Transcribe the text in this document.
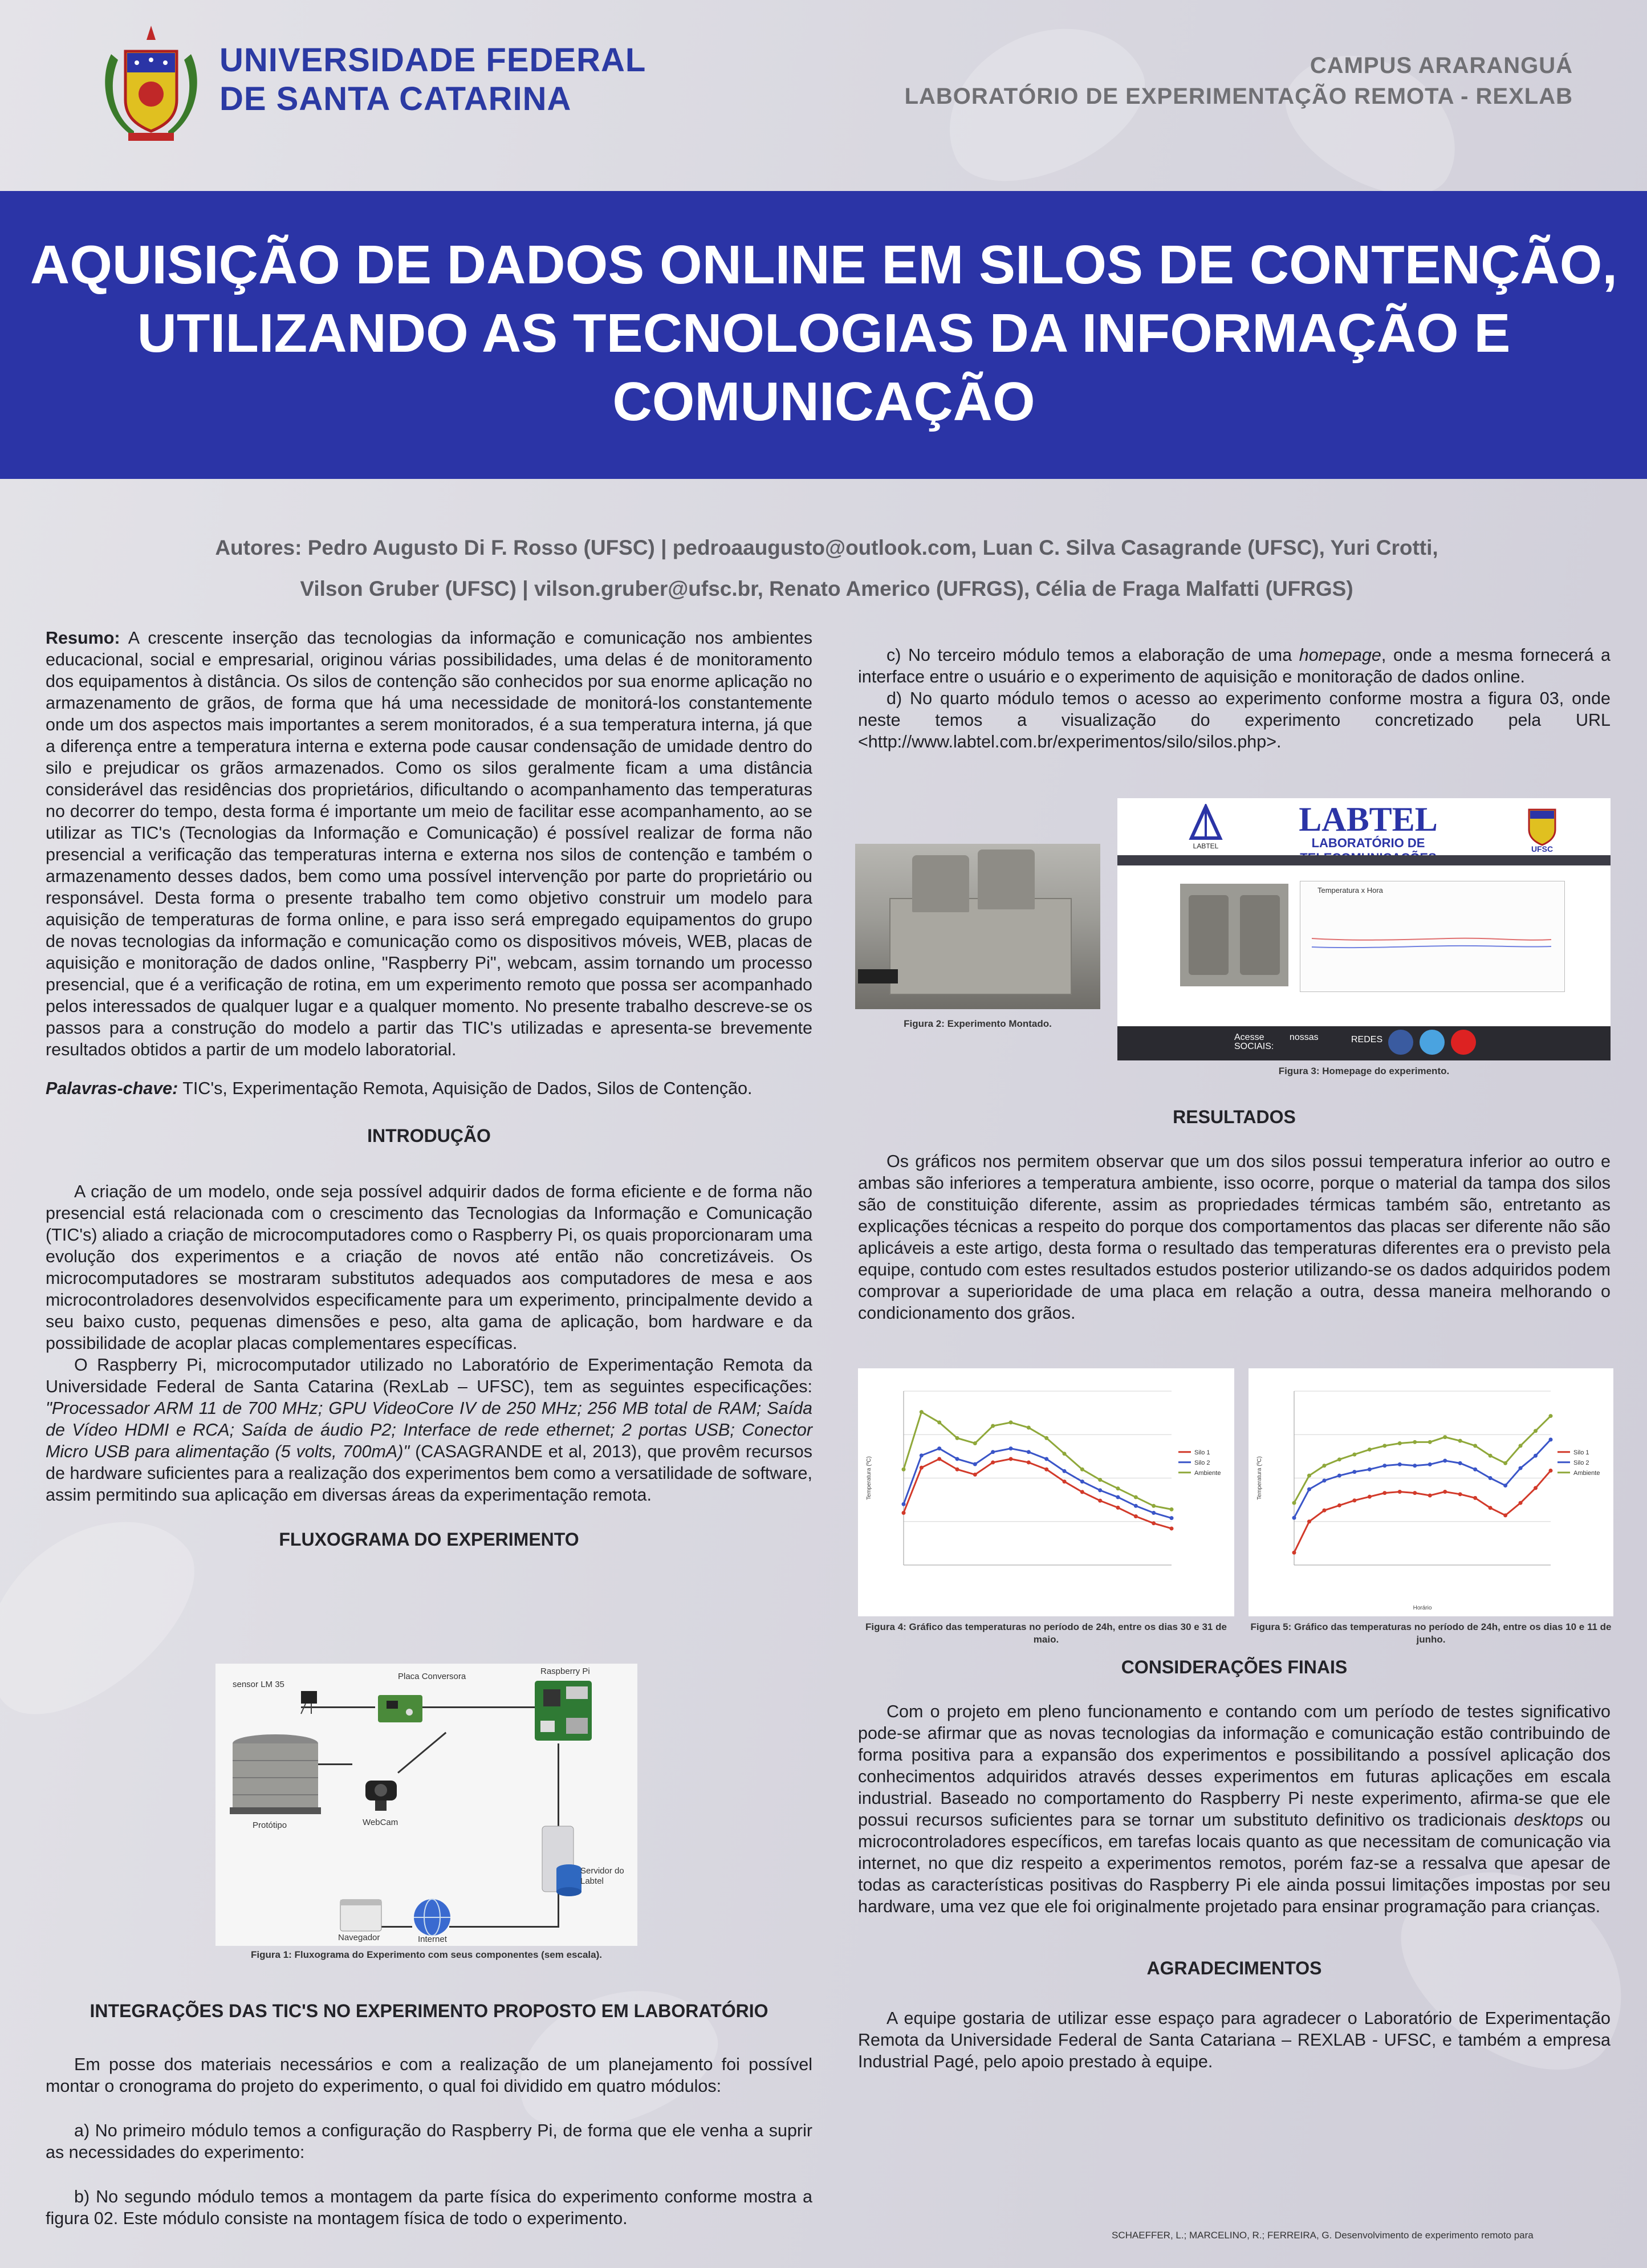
UNIVERSIDADE FEDERAL
DE SANTA CATARINA
CAMPUS ARARANGUÁ
LABORATÓRIO DE EXPERIMENTAÇÃO REMOTA - REXLAB
AQUISIÇÃO DE DADOS ONLINE EM SILOS DE CONTENÇÃO,
UTILIZANDO AS TECNOLOGIAS DA INFORMAÇÃO E
COMUNICAÇÃO
Autores: Pedro Augusto Di F. Rosso (UFSC) | pedroaaugusto@outlook.com, Luan C. Silva Casagrande (UFSC), Yuri Crotti,
Vilson Gruber (UFSC) | vilson.gruber@ufsc.br, Renato Americo (UFRGS), Célia de Fraga Malfatti (UFRGS)

Resumo: A crescente inserção das tecnologias da informação e comunicação nos ambientes educacional, social e empresarial, originou várias possibilidades, uma delas é de monitoramento dos equipamentos à distância. Os silos de contenção são conhecidos por sua enorme aplicação no armazenamento de grãos, de forma que há uma necessidade de monitorá-los constantemente onde um dos aspectos mais importantes a serem monitorados, é a sua temperatura interna, já que a diferença entre a temperatura interna e externa pode causar condensação de umidade dentro do silo e prejudicar os grãos armazenados. Como os silos geralmente ficam a uma distância considerável das residências dos proprietários, dificultando o acompanhamento das temperaturas no decorrer do tempo, desta forma é importante um meio de facilitar esse acompanhamento, ao se utilizar as TIC's (Tecnologias da Informação e Comunicação) é possível realizar de forma não presencial a verificação das temperaturas interna e externa nos silos de contenção e também o armazenamento desses dados, bem como uma possível intervenção por parte do proprietário ou responsável. Desta forma o presente trabalho tem como objetivo construir um modelo para aquisição de temperaturas de forma online, e para isso será empregado equipamentos do grupo de novas tecnologias da informação e comunicação como os dispositivos móveis, WEB, placas de aquisição e monitoração de dados online, "Raspberry Pi", webcam, assim tornando um processo presencial, que é a verificação de rotina, em um experimento remoto que possa ser acompanhado pelos interessados de qualquer lugar e a qualquer momento. No presente trabalho descreve-se os passos para a construção do modelo a partir das TIC's utilizadas e apresenta-se brevemente resultados obtidos a partir de um modelo laboratorial.

Palavras-chave: TIC's, Experimentação Remota, Aquisição de Dados, Silos de Contenção.

INTRODUÇÃO

A criação de um modelo, onde seja possível adquirir dados de forma eficiente e de forma não presencial está relacionada com o crescimento das Tecnologias da Informação e Comunicação (TIC's) aliado a criação de microcomputadores como o Raspberry Pi, os quais proporcionaram uma evolução dos experimentos e a criação de novos até então não concretizáveis. Os microcomputadores se mostraram substitutos adequados aos computadores de mesa e aos microcontroladores desenvolvidos especificamente para um experimento, principalmente devido a seu baixo custo, pequenas dimensões e peso, alta gama de aplicação, bom hardware e da possibilidade de acoplar placas complementares específicas.

O Raspberry Pi, microcomputador utilizado no Laboratório de Experimentação Remota da Universidade Federal de Santa Catarina (RexLab – UFSC), tem as seguintes especificações: "Processador ARM 11 de 700 MHz; GPU VideoCore IV de 250 MHz; 256 MB total de RAM; Saída de Vídeo HDMI e RCA; Saída de áudio P2; Interface de rede ethernet; 2 portas USB; Conector Micro USB para alimentação (5 volts, 700mA)" (CASAGRANDE et al, 2013), que provêm recursos de hardware suficientes para a realização dos experimentos bem como a versatilidade de software, assim permitindo sua aplicação em diversas áreas da experimentação remota.

FLUXOGRAMA DO EXPERIMENTO
sensor LM 35
Placa Conversora
Raspberry Pi
Protótipo	WebCam
Servidor do Labtel
Navegador	Internet
Figura 1: Fluxograma do Experimento com seus componentes (sem escala).
INTEGRAÇÕES DAS TIC'S NO EXPERIMENTO PROPOSTO EM LABORATÓRIO

Em posse dos materiais necessários e com a realização de um planejamento foi possível montar o cronograma do projeto do experimento, o qual foi dividido em quatro módulos:

a) No primeiro módulo temos a configuração do Raspberry Pi, de forma que ele venha a suprir as necessidades do experimento:

b) No segundo módulo temos a montagem da parte física do experimento conforme mostra a figura 02. Este módulo consiste na montagem física de todo o experimento.

c) No terceiro módulo temos a elaboração de uma homepage, onde a mesma fornecerá a interface entre o usuário e o experimento de aquisição e monitoração de dados online.

d) No quarto módulo temos o acesso ao experimento conforme mostra a figura 03, onde neste temos a visualização do experimento concretizado pela URL <http://www.labtel.com.br/experimentos/silo/silos.php>.

Figura 2: Experimento Montado.
LABTEL
LABTEL
LABORATÓRIO DE	UFSC
Temperatura x Hora
Acesse	nossas
SOCIAIS:
REDES
Figura 3: Homepage do experimento.
RESULTADOS

Os gráficos nos permitem observar que um dos silos possui temperatura inferior ao outro e ambas são inferiores a temperatura ambiente, isso ocorre, porque o material da tampa dos silos são de constituição diferente, assim as propriedades térmicas também são, entretanto as explicações técnicas a respeito do porque dos comportamentos das placas ser diferente não são aplicáveis a este artigo, desta forma o resultado das temperaturas diferentes era o previsto pela equipe, contudo com estes resultados estudos posterior utilizando-se os dados adquiridos podem comprovar a superioridade de uma placa em relação a outra, dessa maneira melhorando o condicionamento dos grãos.

Temperatura (ºC)
Silo 1
Silo 2
Ambiente
Figura 4: Gráfico das temperaturas no período de 24h, entre os dias 30 e 31 de maio.
Temperatura (ºC)
Horário
Silo 1
Silo 2
Ambiente
Figura 5: Gráfico das temperaturas no período de 24h, entre os dias 10 e 11 de junho.
CONSIDERAÇÕES FINAIS

Com o projeto em pleno funcionamento e contando com um período de testes significativo pode-se afirmar que as novas tecnologias da informação e comunicação estão contribuindo de forma positiva para a expansão dos experimentos e possibilitando a possível aplicação dos conhecimentos adquiridos através desses experimentos em futuras aplicações em escala industrial. Baseado no comportamento do Raspberry Pi neste experimento, afirma-se que ele possui recursos suficientes para se tornar um substituto definitivo os tradicionais desktops ou microcontroladores específicos, em tarefas locais quanto as que necessitam de comunicação via internet, no que diz respeito a experimentos remotos, porém faz-se a ressalva que apesar de todas as características positivas do Raspberry Pi ele ainda possui limitações impostas por seu hardware, uma vez que ele foi originalmente projetado para ensinar programação para crianças.

AGRADECIMENTOS

A equipe gostaria de utilizar esse espaço para agradecer o Laboratório de Experimentação Remota da Universidade Federal de Santa Catariana – REXLAB - UFSC, e também a empresa Industrial Pagé, pelo apoio prestado à equipe.

SCHAEFFER, L.; MARCELINO, R.; FERREIRA, G. Desenvolvimento de experimento remoto para
